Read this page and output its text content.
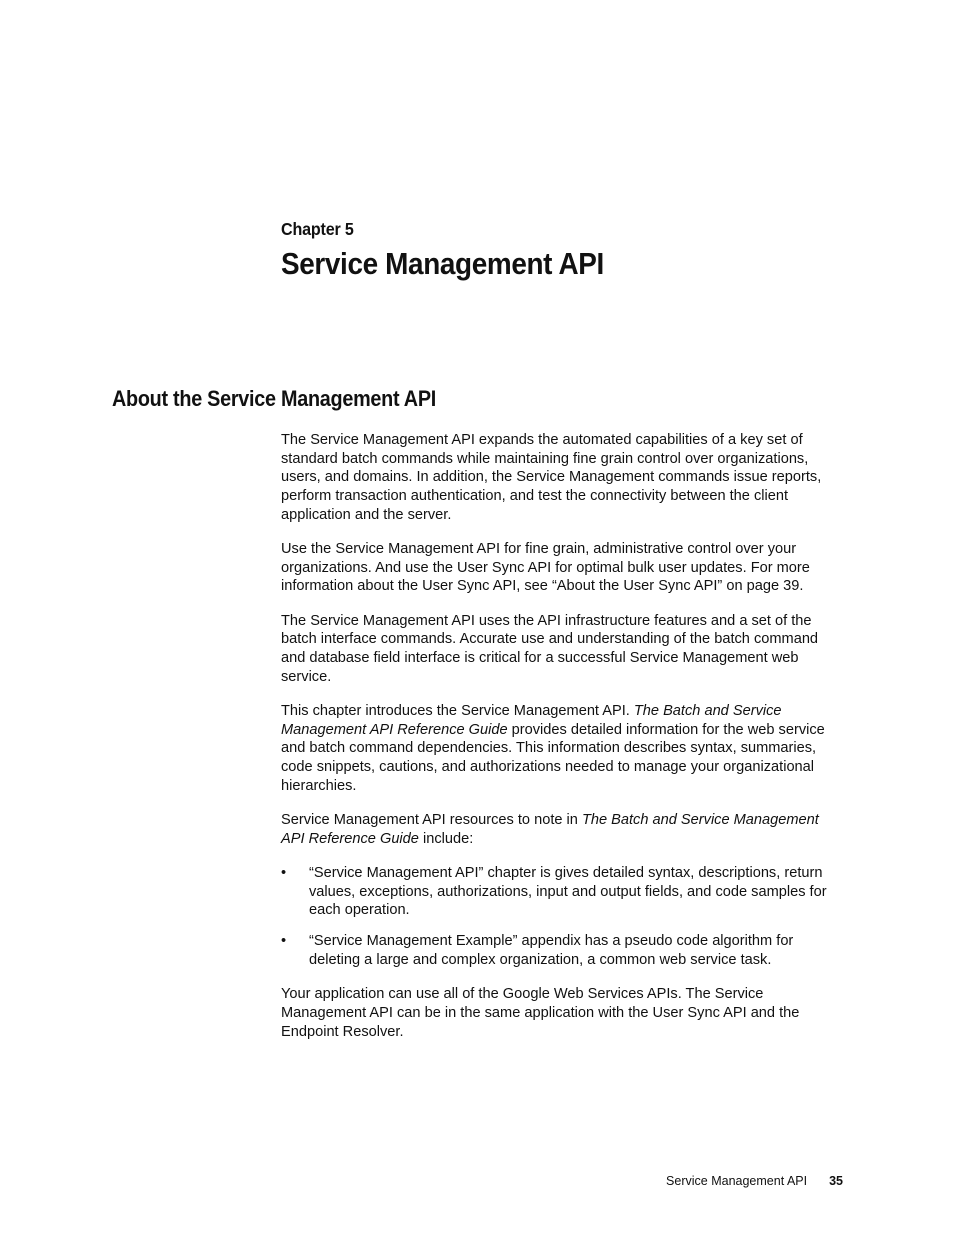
Chapter 5
Service Management API
About the Service Management API

The Service Management API expands the automated capabilities of a key set of standard batch commands while maintaining fine grain control over organizations, users, and domains. In addition, the Service Management commands issue reports, perform transaction authentication, and test the connectivity between the client application and the server.

Use the Service Management API for fine grain, administrative control over your organizations. And use the User Sync API for optimal bulk user updates. For more information about the User Sync API, see “About the User Sync API” on page 39.

The Service Management API uses the API infrastructure features and a set of the batch interface commands. Accurate use and understanding of the batch command and database field interface is critical for a successful Service Management web service.

This chapter introduces the Service Management API. The Batch and Service Management API Reference Guide provides detailed information for the web service and batch command dependencies. This information describes syntax, summaries, code snippets, cautions, and authorizations needed to manage your organizational hierarchies.

Service Management API resources to note in The Batch and Service Management API Reference Guide include:

• “Service Management API” chapter is gives detailed syntax, descriptions, return values, exceptions, authorizations, input and output fields, and code samples for each operation.
• “Service Management Example” appendix has a pseudo code algorithm for deleting a large and complex organization, a common web service task.

Your application can use all of the Google Web Services APIs. The Service Management API can be in the same application with the User Sync API and the Endpoint Resolver.

Service Management API 35
